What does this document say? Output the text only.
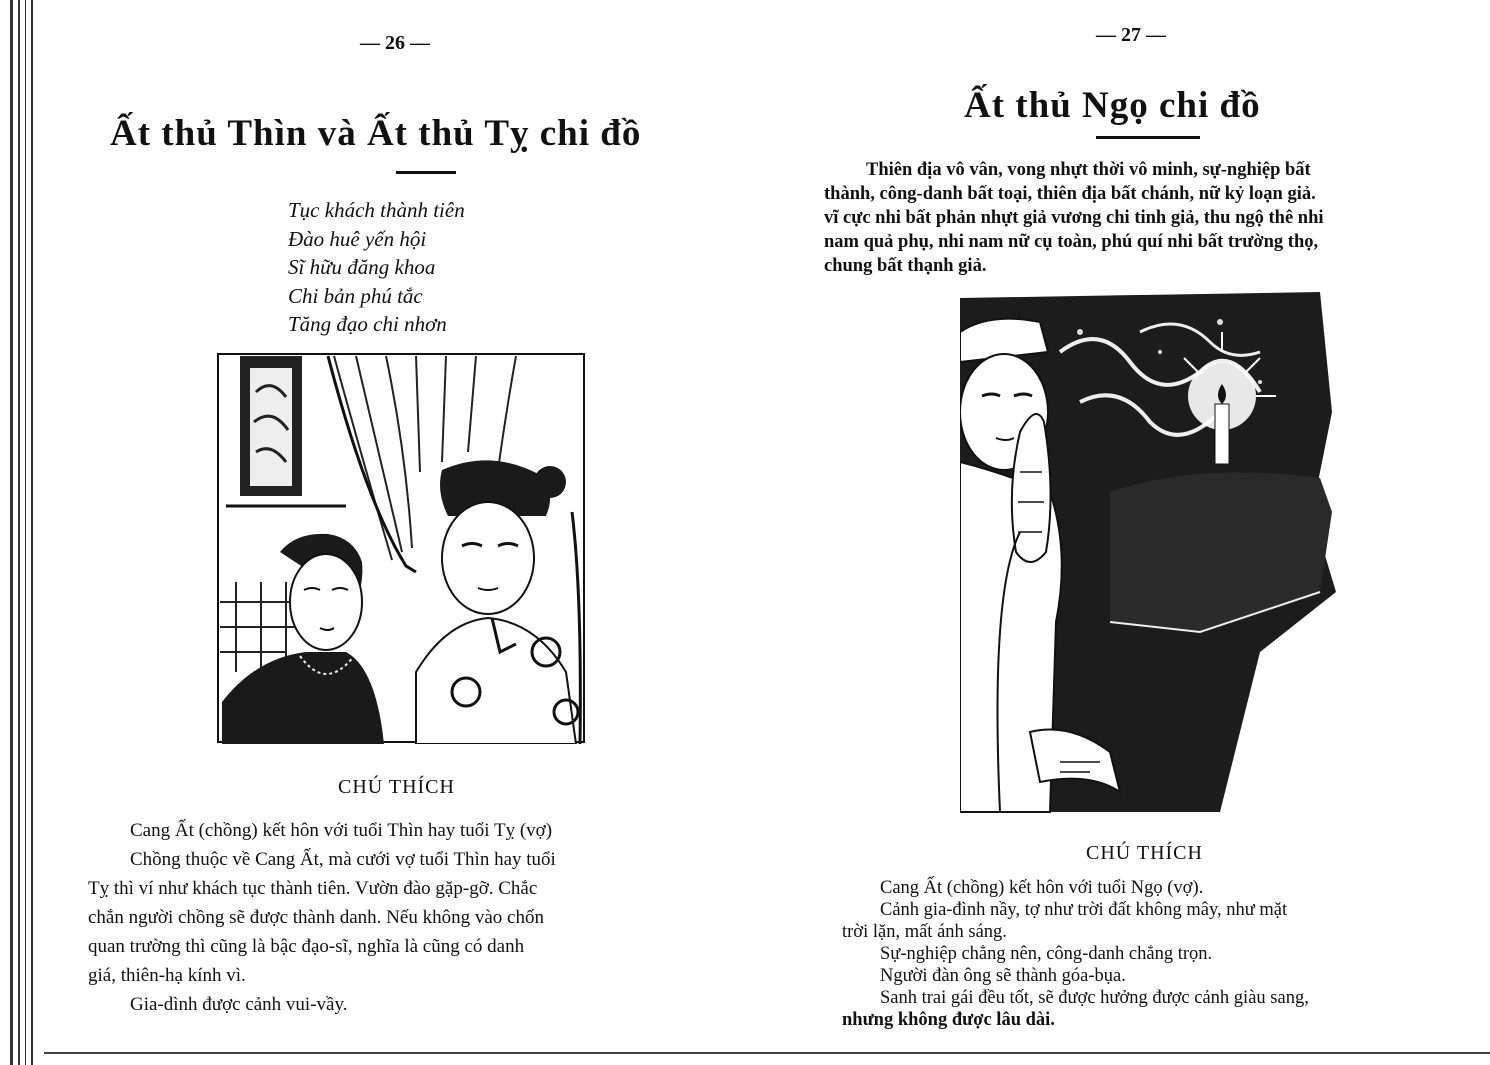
— 26 —
Ất thủ Thìn và Ất thủ Tỵ chi đồ
Tục khách thành tiên
Đào huê yến hội
Sĩ hữu đăng khoa
Chi bản phú tắc
Tăng đạo chi nhơn
CHÚ THÍCH
Cang Ất (chồng) kết hôn với tuổi Thìn hay tuổi Tỵ (vợ)
Chồng thuộc về Cang Ất, mà cưới vợ tuổi Thìn hay tuổi
Tỵ thì ví như khách tục thành tiên. Vườn đào gặp-gỡ. Chắc
chắn người chồng sẽ được thành danh. Nếu không vào chốn
quan trường thì cũng là bậc đạo-sĩ, nghĩa là cũng có danh
giá, thiên-hạ kính vì.
Gia-dình được cảnh vui-vầy.
— 27 —
Ất thủ Ngọ chi đồ
Thiên địa vô vân, vong nhựt thời vô minh, sự-nghiệp bất
thành, công-danh bất toại, thiên địa bất chánh, nữ kỷ loạn giả.
vĩ cực nhi bất phản nhựt giả vương chi tinh giả, thu ngộ thê nhi
nam quả phụ, nhi nam nữ cụ toàn, phú quí nhi bất trường thọ,
chung bất thạnh giả.
CHÚ THÍCH
Cang Ất (chồng) kết hôn với tuổi Ngọ (vợ).
Cảnh gia-đình nầy, tợ như trời đất không mây, như mặt
trời lặn, mất ánh sáng.
Sự-nghiệp chẳng nên, công-danh chẳng trọn.
Người đàn ông sẽ thành góa-bụa.
Sanh trai gái đều tốt, sẽ được hưởng được cảnh giàu sang,
nhưng không được lâu dài.
